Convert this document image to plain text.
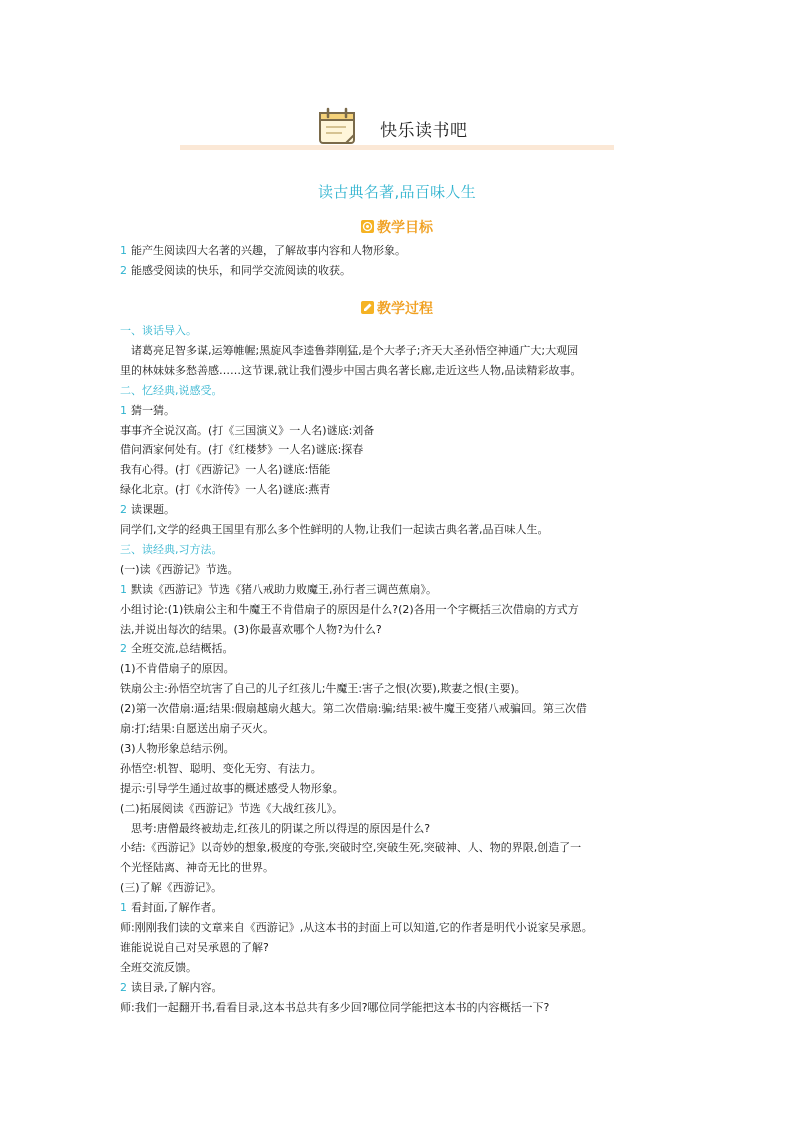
快乐读书吧
读古典名著,品百味人生
教学目标
1 能产生阅读四大名著的兴趣，了解故事内容和人物形象。
2 能感受阅读的快乐，和同学交流阅读的收获。
教学过程
一、谈话导入。
　诸葛亮足智多谋,运筹帷幄;黑旋风李逵鲁莽刚猛,是个大孝子;齐天大圣孙悟空神通广大;大观园
里的林妹妹多愁善感……这节课,就让我们漫步中国古典名著长廊,走近这些人物,品读精彩故事。
二、忆经典,说感受。
1 猜一猜。
事事齐全说汉高。(打《三国演义》一人名)谜底:刘备
借问酒家何处有。(打《红楼梦》一人名)谜底:探春
我有心得。(打《西游记》一人名)谜底:悟能
绿化北京。(打《水浒传》一人名)谜底:燕青
2 读课题。
同学们,文学的经典王国里有那么多个性鲜明的人物,让我们一起读古典名著,品百味人生。
三、读经典,习方法。
(一)读《西游记》节选。
1 默读《西游记》节选《猪八戒助力败魔王,孙行者三调芭蕉扇》。
小组讨论:(1)铁扇公主和牛魔王不肯借扇子的原因是什么?(2)各用一个字概括三次借扇的方式方
法,并说出每次的结果。(3)你最喜欢哪个人物?为什么?
2 全班交流,总结概括。
(1)不肯借扇子的原因。
铁扇公主:孙悟空坑害了自己的儿子红孩儿;牛魔王:害子之恨(次要),欺妻之恨(主要)。
(2)第一次借扇:逼;结果:假扇越扇火越大。第二次借扇:骗;结果:被牛魔王变猪八戒骗回。第三次借
扇:打;结果:自愿送出扇子灭火。
(3)人物形象总结示例。
孙悟空:机智、聪明、变化无穷、有法力。
提示:引导学生通过故事的概述感受人物形象。
(二)拓展阅读《西游记》节选《大战红孩儿》。
　思考:唐僧最终被劫走,红孩儿的阴谋之所以得逞的原因是什么?
小结:《西游记》以奇妙的想象,极度的夸张,突破时空,突破生死,突破神、人、物的界限,创造了一
个光怪陆离、神奇无比的世界。
(三)了解《西游记》。
1 看封面,了解作者。
师:刚刚我们读的文章来自《西游记》,从这本书的封面上可以知道,它的作者是明代小说家吴承恩。
谁能说说自己对吴承恩的了解?
全班交流反馈。
2 读目录,了解内容。
师:我们一起翻开书,看看目录,这本书总共有多少回?哪位同学能把这本书的内容概括一下?
